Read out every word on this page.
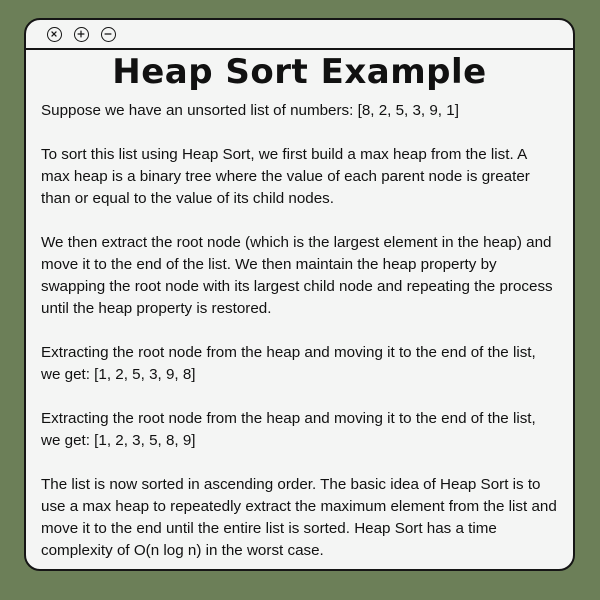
Heap Sort Example

Suppose we have an unsorted list of numbers: [8, 2, 5, 3, 9, 1]

To sort this list using Heap Sort, we first build a max heap from the list. A max heap is a binary tree where the value of each parent node is greater than or equal to the value of its child nodes.

We then extract the root node (which is the largest element in the heap) and move it to the end of the list. We then maintain the heap property by swapping the root node with its largest child node and repeating the process until the heap property is restored.

Extracting the root node from the heap and moving it to the end of the list, we get: [1, 2, 5, 3, 9, 8]

Extracting the root node from the heap and moving it to the end of the list, we get: [1, 2, 3, 5, 8, 9]

The list is now sorted in ascending order. The basic idea of Heap Sort is to use a max heap to repeatedly extract the maximum element from the list and move it to the end until the entire list is sorted. Heap Sort has a time complexity of O(n log n) in the worst case.
